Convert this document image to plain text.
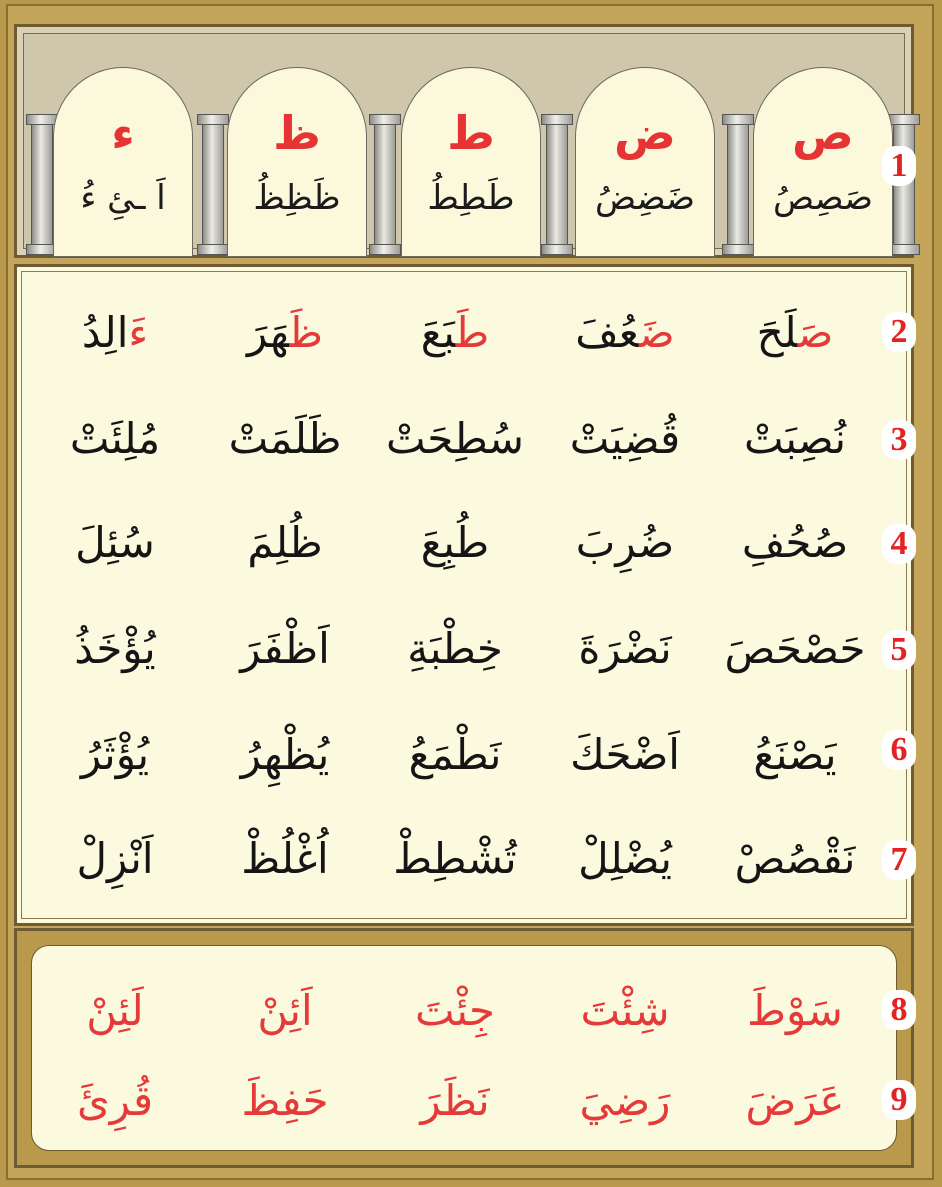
ص
صَصِصُ
ض
ضَضِضُ
ط
طَطِطُ
ظ
ظَظِظُ
ء
اَ ـئِ ءُ
1
صَلَحَ
ضَعُفَ
طَبَعَ
ظَهَرَ
ءَالِدُ	2
نُصِبَتْ
قُضِيَتْ
سُطِحَتْ
ظَلَمَتْ
مُلِئَتْ	3
صُحُفِ
ضُرِبَ
طُبِعَ
ظُلِمَ
سُئِلَ	4
حَصْحَصَ
نَضْرَةَ
خِطْبَةِ
اَظْفَرَ
يُؤْخَذُ	5
يَصْنَعُ
اَضْحَكَ
نَطْمَعُ
يُظْهِرُ
يُؤْثَرُ	6
نَقْصُصْ
يُضْلِلْ
تُشْطِطْ
اُغْلُظْ
اَنْزِلْ	7
سَوْطَ
شِئْتَ
جِئْتَ
اَئِنْ
لَئِنْ	8
عَرَضَ
رَضِيَ
نَظَرَ
حَفِظَ
قُرِئَ	9
